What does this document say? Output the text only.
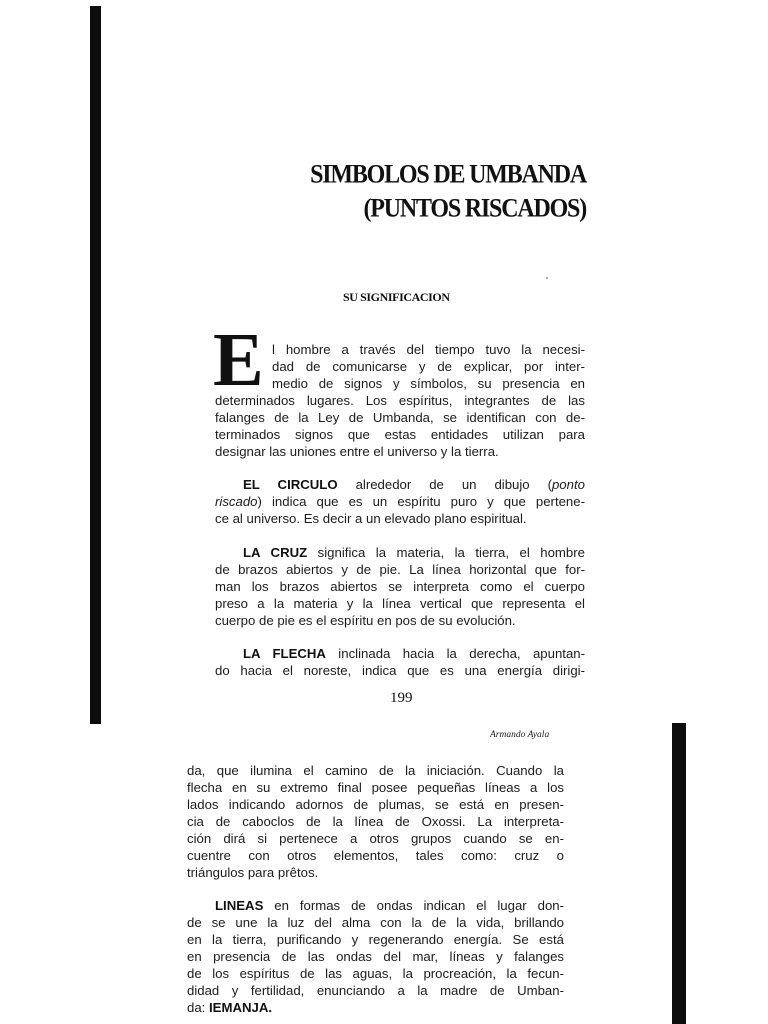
SIMBOLOS DE UMBANDA
(PUNTOS RISCADOS)
SU SIGNIFICACION
E l hombre a través del tiempo tuvo la necesi-
dad de comunicarse y de explicar, por inter-
medio de signos y símbolos, su presencia en
determinados lugares. Los espíritus, integrantes de las
falanges de la Ley de Umbanda, se identifican con de-
terminados signos que estas entidades utilizan para
designar las uniones entre el universo y la tierra.
EL CIRCULO alrededor de un dibujo (ponto
riscado) indica que es un espíritu puro y que pertene-
ce al universo. Es decir a un elevado plano espiritual.
LA CRUZ significa la materia, la tierra, el hombre
de brazos abiertos y de pie. La línea horizontal que for-
man los brazos abiertos se interpreta como el cuerpo
preso a la materia y la línea vertical que representa el
cuerpo de pie es el espíritu en pos de su evolución.
LA FLECHA inclinada hacia la derecha, apuntan-
do hacia el noreste, indica que es una energía dirigi-
199
Armando Ayala
da, que ilumina el camino de la iniciación. Cuando la
flecha en su extremo final posee pequeñas líneas a los
lados indicando adornos de plumas, se está en presen-
cia de caboclos de la línea de Oxossi. La interpreta-
ción dirá si pertenece a otros grupos cuando se en-
cuentre con otros elementos, tales como: cruz o
triángulos para prêtos.
LINEAS en formas de ondas indican el lugar don-
de se une la luz del alma con la de la vida, brillando
en la tierra, purificando y regenerando energía. Se está
en presencia de las ondas del mar, líneas y falanges
de los espíritus de las aguas, la procreación, la fecun-
didad y fertilidad, enunciando a la madre de Umban-
da: IEMANJA.
